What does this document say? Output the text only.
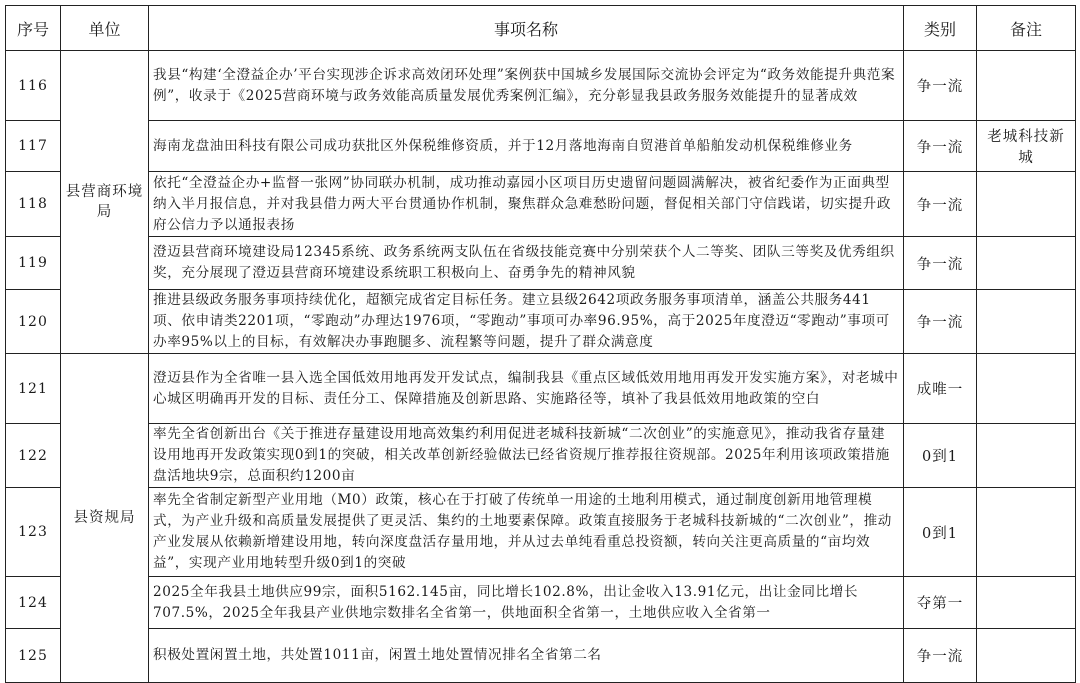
序号	单位	事项名称	类别	备注
116	县营商环境局	我县“构建‘全澄益企办’平台实现涉企诉求高效闭环处理”案例获中国城乡发展国际交流协会评定为“政务效能提升典范案例”，收录于《2025营商环境与政务效能高质量发展优秀案例汇编》，充分彰显我县政务服务效能提升的显著成效	争一流	
117		海南龙盘油田科技有限公司成功获批区外保税维修资质，并于12月落地海南自贸港首单船舶发动机保税维修业务	争一流	老城科技新城
118		依托“全澄益企办+监督一张网”协同联办机制，成功推动嘉园小区项目历史遗留问题圆满解决，被省纪委作为正面典型纳入半月报信息，并对我县借力两大平台贯通协作机制，聚焦群众急难愁盼问题，督促相关部门守信践诺，切实提升政府公信力予以通报表扬	争一流	
119		澄迈县营商环境建设局12345系统、政务系统两支队伍在省级技能竞赛中分别荣获个人二等奖、团队三等奖及优秀组织奖，充分展现了澄迈县营商环境建设系统职工积极向上、奋勇争先的精神风貌	争一流	
120		推进县级政务服务事项持续优化，超额完成省定目标任务。建立县级2642项政务服务事项清单，涵盖公共服务441项、依申请类2201项，“零跑动”办理达1976项，“零跑动”事项可办率96.95%，高于2025年度澄迈“零跑动”事项可办率95%以上的目标，有效解决办事跑腿多、流程繁等问题，提升了群众满意度	争一流	
121	县资规局	澄迈县作为全省唯一县入选全国低效用地再发开发试点，编制我县《重点区域低效用地用再发开发实施方案》，对老城中心城区明确再开发的目标、责任分工、保障措施及创新思路、实施路径等，填补了我县低效用地政策的空白	成唯一	
122		率先全省创新出台《关于推进存量建设用地高效集约利用促进老城科技新城“二次创业”的实施意见》，推动我省存量建设用地再开发政策实现0到1的突破，相关改革创新经验做法已经省资规厅推荐报往资规部。2025年利用该项政策措施盘活地块9宗，总面积约1200亩	0到1	
123		率先全省制定新型产业用地（M0）政策，核心在于打破了传统单一用途的土地利用模式，通过制度创新用地管理模式，为产业升级和高质量发展提供了更灵活、集约的土地要素保障。政策直接服务于老城科技新城的“二次创业”，推动产业发展从依赖新增建设用地，转向深度盘活存量用地，并从过去单纯看重总投资额，转向关注更高质量的“亩均效益”，实现产业用地转型升级0到1的突破	0到1	
124		2025全年我县土地供应99宗，面积5162.145亩，同比增长102.8%，出让金收入13.91亿元，出让金同比增长707.5%，2025全年我县产业供地宗数排名全省第一，供地面积全省第一，土地供应收入全省第一	夺第一	
125		积极处置闲置土地，共处置1011亩，闲置土地处置情况排名全省第二名	争一流	
